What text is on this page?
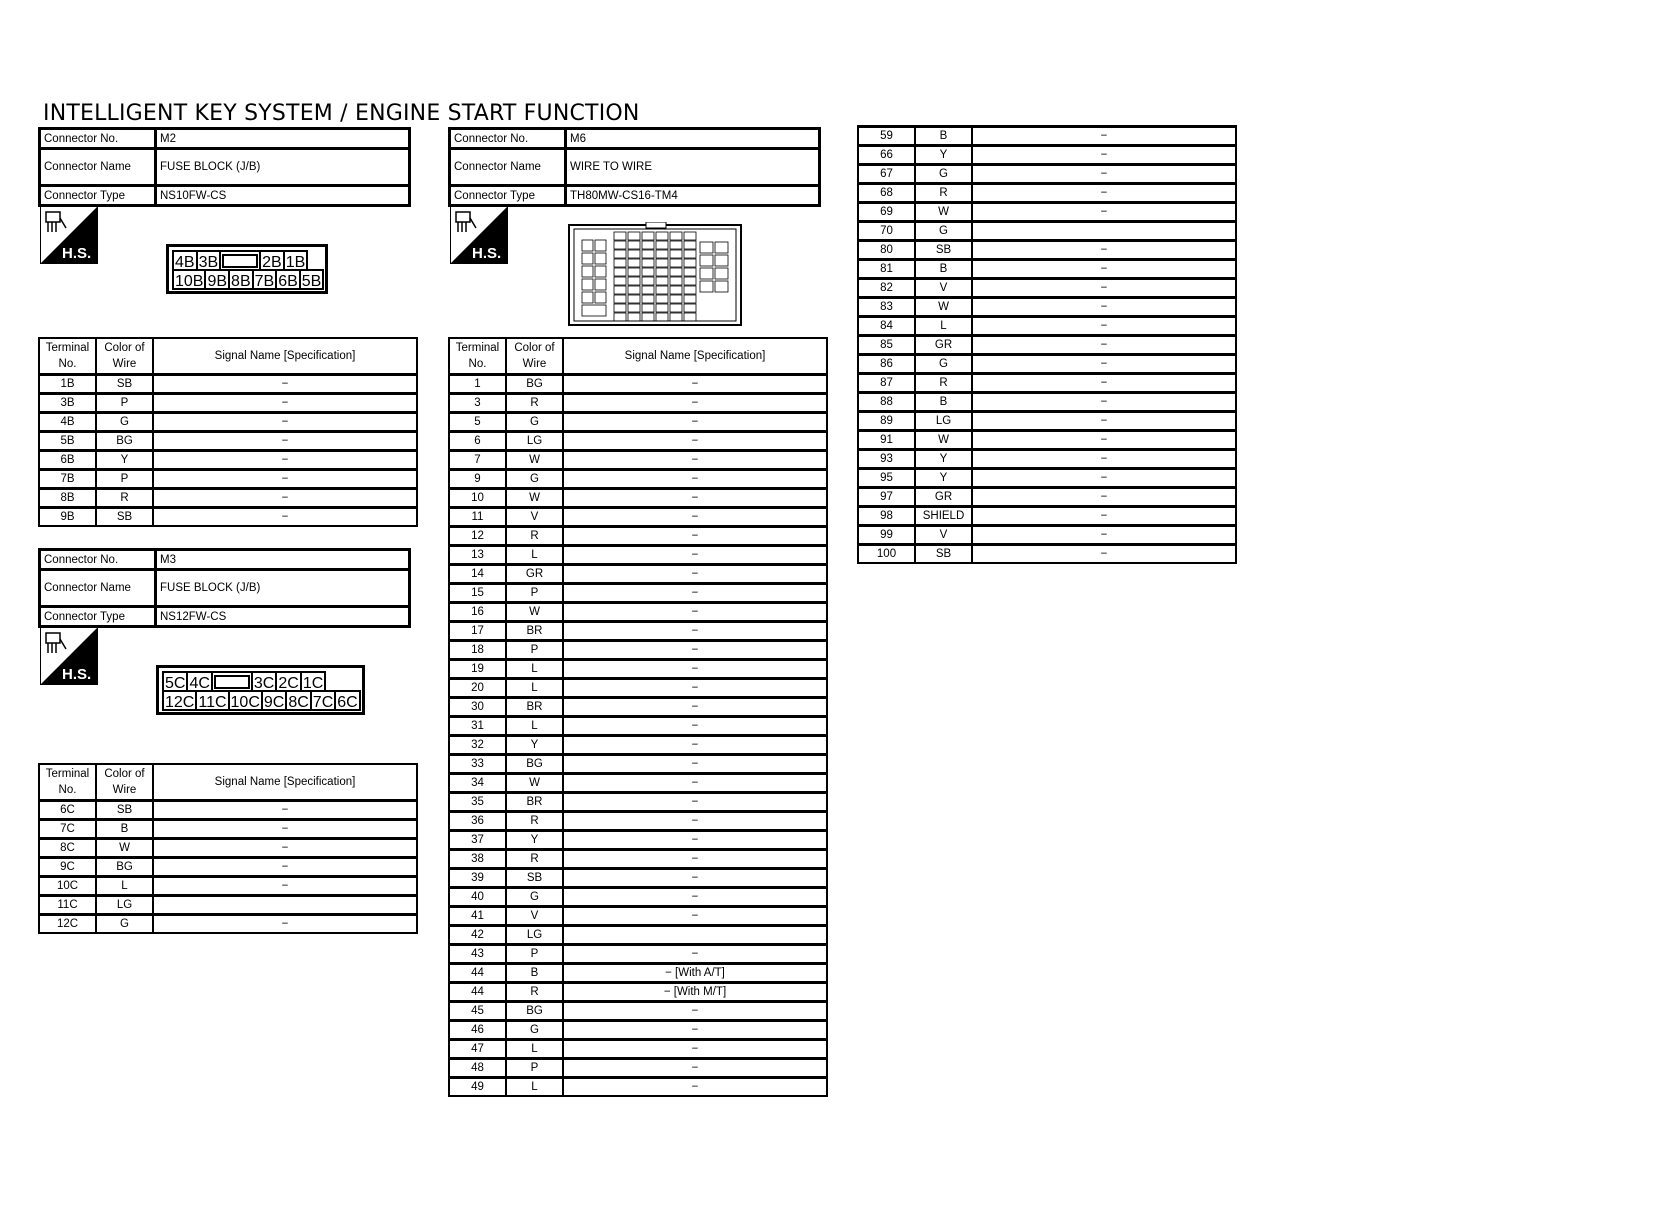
INTELLIGENT KEY SYSTEM / ENGINE START FUNCTION
Connector No.	M2
Connector Name	FUSE BLOCK (J/B)
Connector Type	NS10FW-CS
H.S.
4B 3B	2B 1B
10B 9B 8B 7B 6B 5B
Terminal No.	Color of Wire	Signal Name [Specification]
1B	SB	−
3B	P	−
4B	G	−
5B	BG	−
6B	Y	−
7B	P	−
8B	R	−
9B	SB	−
Connector No.	M3
Connector Name	FUSE BLOCK (J/B)
Connector Type	NS12FW-CS
H.S.
5C 4C	3C 2C 1C
12C 11C 10C 9C 8C 7C 6C
Terminal No.	Color of Wire	Signal Name [Specification]
6C	SB	−
7C	B	−
8C	W	−
9C	BG	−
10C	L	−
11C	LG	
12C	G	−
Connector No.	M6
Connector Name	WIRE TO WIRE
Connector Type	TH80MW-CS16-TM4
H.S.
Terminal No.	Color of Wire	Signal Name [Specification]
1	BG	−
3	R	−
5	G	−
6	LG	−
7	W	−
9	G	−
10	W	−
11	V	−
12	R	−
13	L	−
14	GR	−
15	P	−
16	W	−
17	BR	−
18	P	−
19	L	−
20	L	−
30	BR	−
31	L	−
32	Y	−
33	BG	−
34	W	−
35	BR	−
36	R	−
37	Y	−
38	R	−
39	SB	−
40	G	−
41	V	−
42	LG	
43	P	−
44	B	− [With A/T]
44	R	− [With M/T]
45	BG	−
46	G	−
47	L	−
48	P	−
49	L	−
59	B	−
66	Y	−
67	G	−
68	R	−
69	W	−
70	G	
80	SB	−
81	B	−
82	V	−
83	W	−
84	L	−
85	GR	−
86	G	−
87	R	−
88	B	−
89	LG	−
91	W	−
93	Y	−
95	Y	−
97	GR	−
98	SHIELD	−
99	V	−
100	SB	−
